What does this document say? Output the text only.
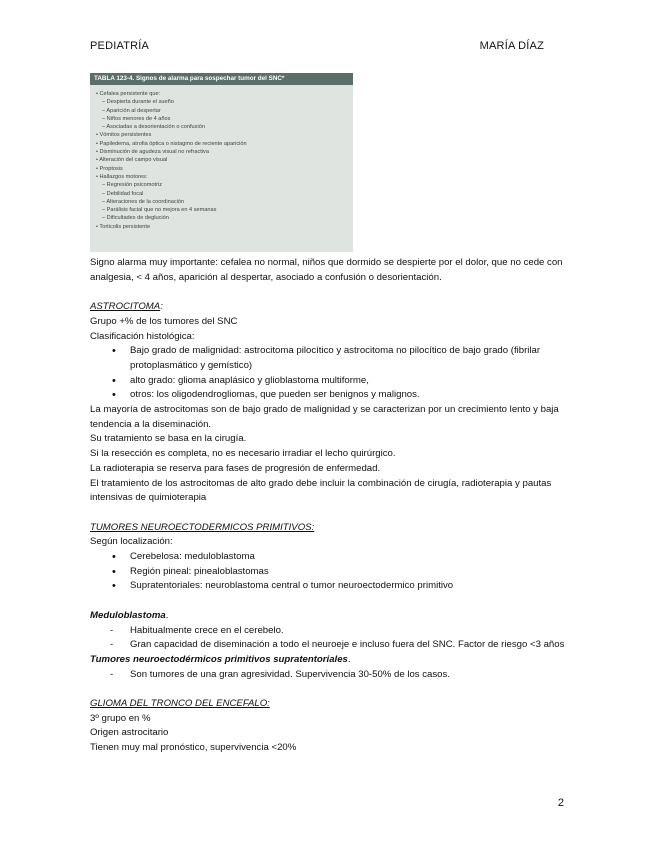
PEDIATRÍA	MARÍA DÍAZ
TABLA 123-4. Signos de alarma para sospechar tumor del SNC*
• Cefalea persistente que:
– Despierta durante el sueño
– Aparición al despertar
– Niños menores de 4 años
– Asociadas a desorientación o confusión
• Vómitos persistentes
• Papiledema, atrofia óptica o nistagmo de reciente aparición
• Disminución de agudeza visual no refractiva
• Alteración del campo visual
• Proptosis
• Hallazgos motores:
– Regresión psicomotriz
– Debilidad focal
– Alteraciones de la coordinación
– Parálisis facial que no mejora en 4 semanas
– Dificultades de deglución
• Torticolis persistente

Signo alarma muy importante: cefalea no normal, niños que dormido se despierte por el dolor, que no cede con analgesia, < 4 años, aparición al despertar, asociado a confusión o desorientación.

ASTROCITOMA:

Grupo +% de los tumores del SNC

Clasificación histológica:

• Bajo grado de malignidad: astrocitoma pilocítico y astrocitoma no pilocítico de bajo grado (fibrilar protoplasmático y gemístico)
• alto grado: glioma anaplásico y glioblastoma multiforme,
• otros: los oligodendrogliomas, que pueden ser benignos y malignos.

La mayoría de astrocitomas son de bajo grado de malignidad y se caracterizan por un crecimiento lento y baja tendencia a la diseminación.

Su tratamiento se basa en la cirugía.

Si la resección es completa, no es necesario irradiar el lecho quirúrgico.

La radioterapia se reserva para fases de progresión de enfermedad.

El tratamiento de los astrocitomas de alto grado debe incluir la combinación de cirugía, radioterapia y pautas intensivas de quimioterapia

TUMORES NEUROECTODERMICOS PRIMITIVOS:

Según localización:

• Cerebelosa: meduloblastoma
• Región pineal: pinealoblastomas
• Supratentoriales: neuroblastoma central o tumor neuroectodermico primitivo

Meduloblastoma.

- Habitualmente crece en el cerebelo.
- Gran capacidad de diseminación a todo el neuroeje e incluso fuera del SNC. Factor de riesgo <3 años

Tumores neuroectodérmicos primitivos supratentoriales.

- Son tumores de una gran agresividad. Supervivencia 30-50% de los casos.

GLIOMA DEL TRONCO DEL ENCEFALO:

3º grupo en %

Origen astrocitario

Tienen muy mal pronóstico, supervivencia <20%

2
